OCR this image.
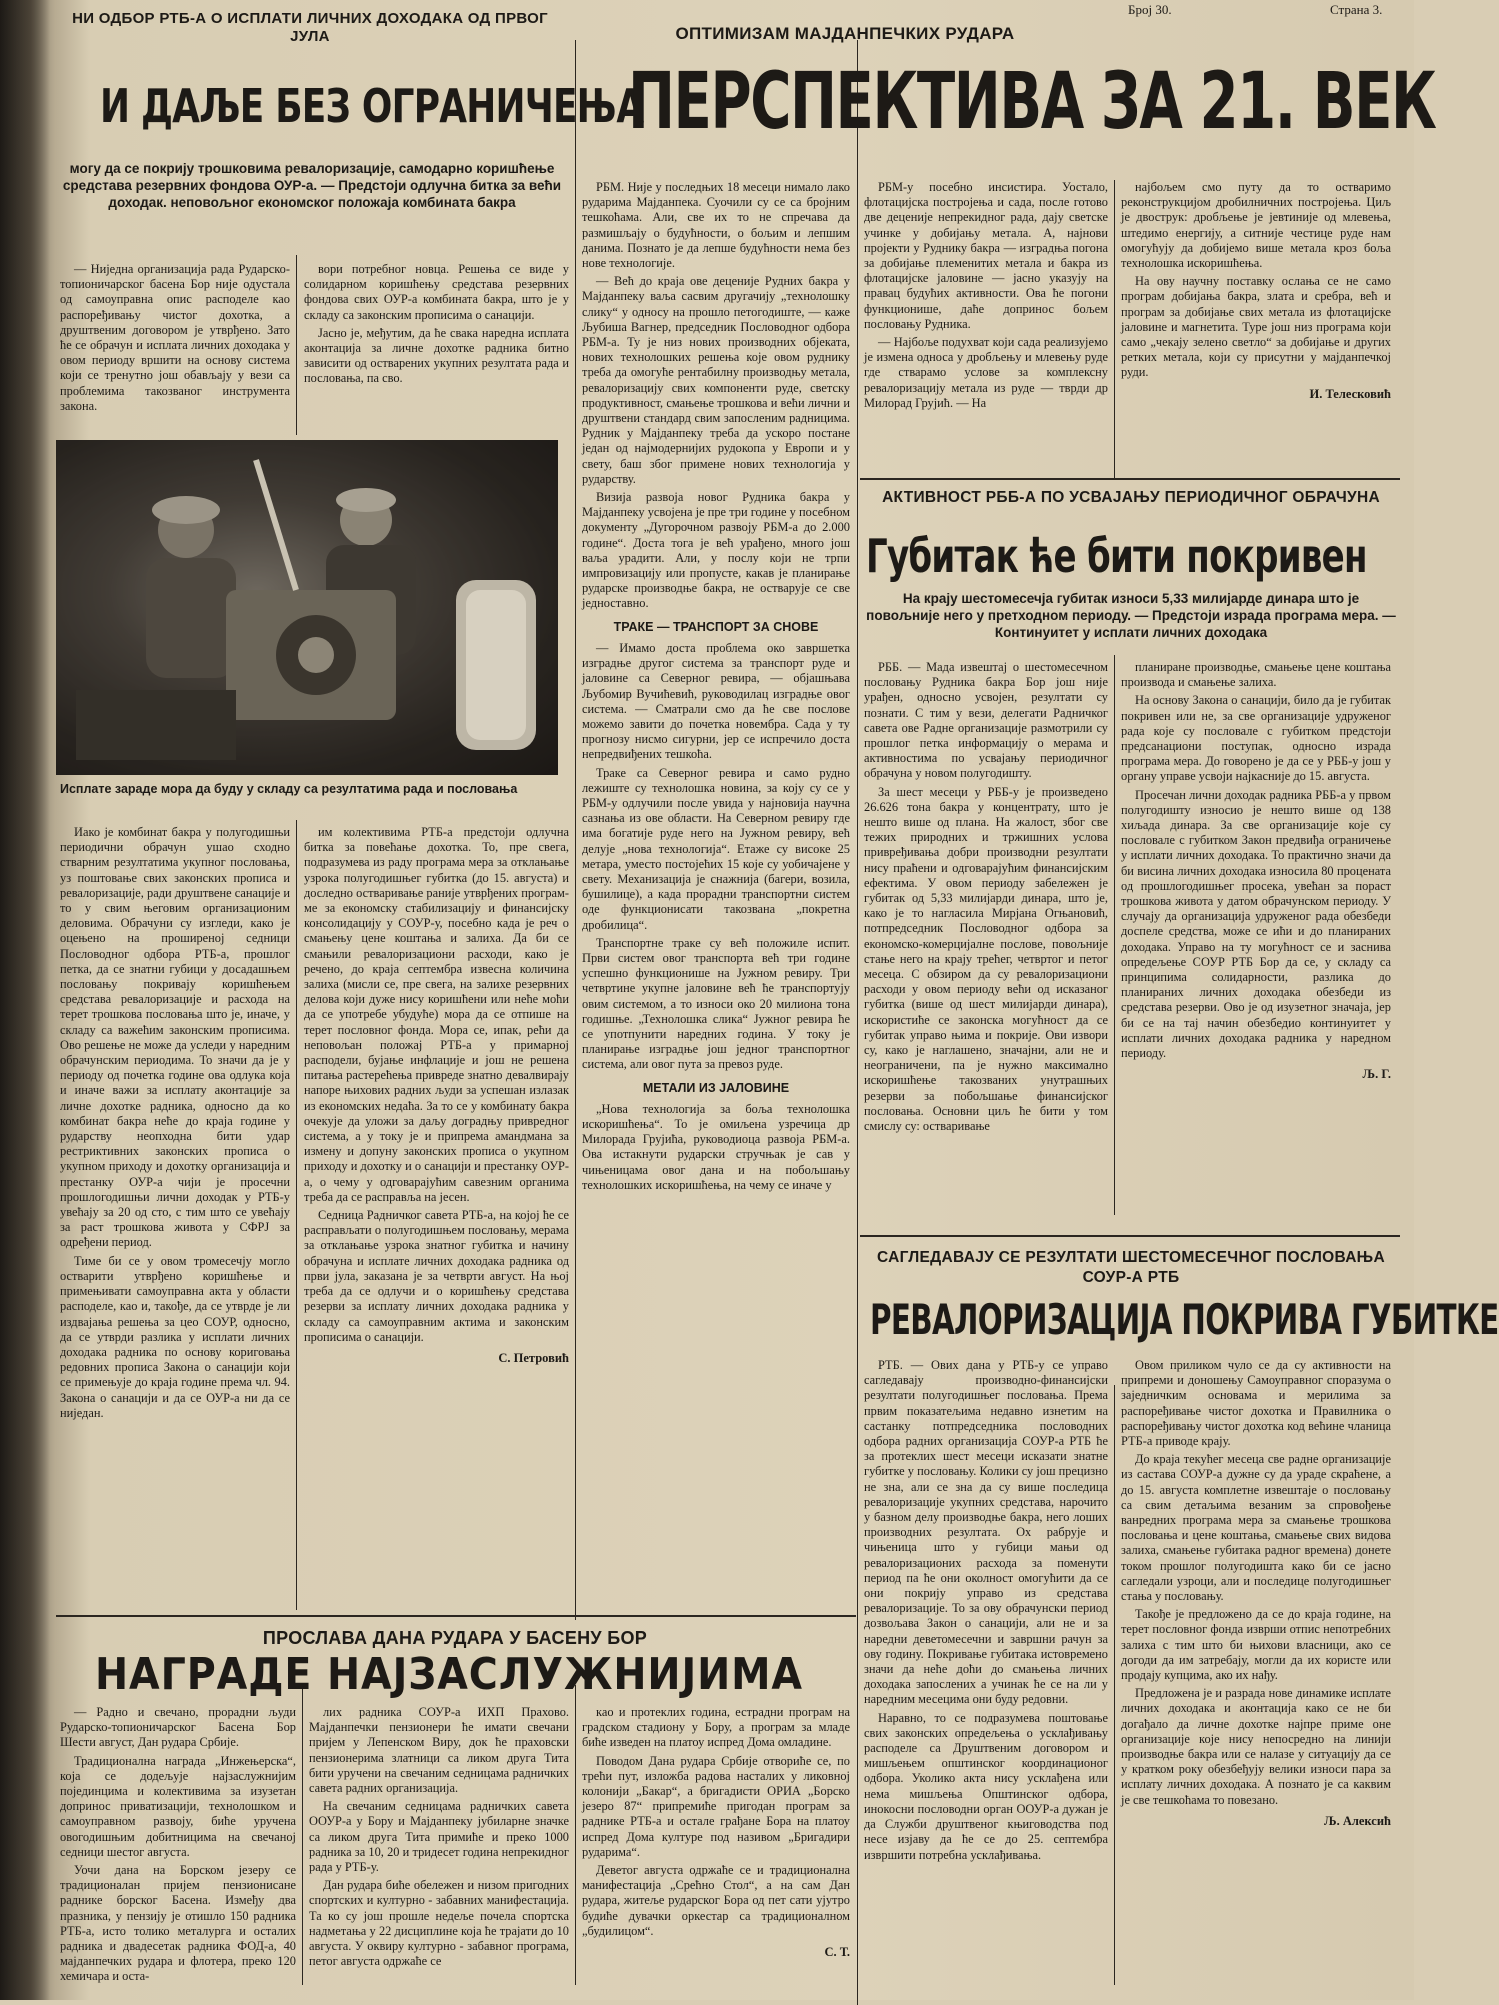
Број 30.	Страна 3.
НИ ОДБОР РТБ-А О ИСПЛАТИ ЛИЧНИХ ДОХОДАКА ОД ПРВОГ ЈУЛА
И ДАЉЕ БЕЗ ОГРАНИЧЕЊА
могу да се покрију трошковима ревалоризације, самодарно коришћење средстава резервних фондова ОУР-а. — Предстоји одлучна битка за већи доходак. неповољног економског положаја комбината бакра

— Ниједна организација рада Рударско-топионичарског басена Бор није одустала од самоуправна опис расподеле као распоређивању чистог дохотка, а друштвеним договором је утврђено. Зато ће се обрачун и исплата личних доходака у овом периоду вршити на основу система који се тренутно још обављају у вези са проблемима такозваног инструмента закона.

вори потребног новца. Решења се виде у солидарном коришћењу средстава резервних фондова свих ОУР-а комбината бакра, што је у складу са законским прописима о санацији.

Јасно је, међутим, да ће свака наредна исплата аконтација за личне дохотке радника битно зависити од остварених укупних резултата рада и пословања, па сво.

Исплате зараде мора да буду у складу са резултатима рада и пословања

Иако је комбинат бакра у полугодишњи периодични обрачун ушао сходно стварним резултатима укупног пословања, уз поштовање свих законских прописа и ревалоризације, ради друштвене санације и то у свим његовим организационим деловима. Обрачуни су изгледи, како је оцењено на проширеној седници Пословодног одбора РТБ-а, прошлог петка, да се знатни губици у досадашњем пословању покривају коришћењем средстава ревалоризације и расхода на терет трошкова пословања што је, иначе, у складу са важећим законским прописима. Ово решење не може да уследи у наредним обрачунским периодима. То значи да је у периоду од почетка године ова одлука која и иначе важи за исплату аконтације за личне дохотке радника, односно да ко комбинат бакра неће до краја године у рударству неопходна бити удар рестриктивних законских прописа о укупном приходу и дохотку организација и престанку ОУР-а чији је просечни прошлогодишњи лични доходак у РТБ-у увећају за 20 од сто, с тим што се увећају за раст трошкова живота у СФРЈ за одређени период.

Тиме би се у овом тромесечју могло остварити утврђено коришћење и примењивати самоуправна акта у области расподеле, као и, такође, да се утврде је ли издвајања решења за цео СОУР, односно, да се утврди разлика у исплати личних доходака радника по основу кориговања редовних прописа Закона о санацији који се примењује до краја године према чл. 94. Закона о санацији и да се ОУР-а ни да се ниједан.

им колективима РТБ-а предстоји одлучна битка за повећање дохотка. То, пре свега, подразумева из раду програма мера за отклањање узрока полугодишњег губитка (до 15. августа) и доследно остваривање раније утврђених програм- ме за економску стабилизацију и финансијску консолидацију у СОУР-у, посебно када је реч о смањењу цене коштања и залиха. Да би се смањили ревалоризациони расходи, како је речено, до краја септембра извесна количина залиха (мисли се, пре свега, на залихе резервних делова који дуже нису коришћени или неће моћи да се употребе убудуће) мора да се отпише на терет пословног фонда. Мора се, ипак, рећи да неповољан положај РТБ-а у примарној расподели, бујање инфлације и још не решена питања растерећења привреде знатно девалвирају напоре њихових радних људи за успешан излазак из економских недаћа. За то се у комбинату бакра очекује да уложи за даљу доградњу привредног система, а у току је и припрема амандмана за измену и допуну законских прописа о укупном приходу и дохотку и о санацији и престанку ОУР-а, о чему у одговарајућим савезним органима треба да се расправља на јесен.

Седница Радничког савета РТБ-а, на којој ће се расправљати о полугодишњем пословању, мерама за отклањање узрока знатног губитка и начину обрачуна и исплате личних доходака радника од први јула, заказана је за четврти август. На њој треба да се одлучи и о коришћењу средстава резерви за исплату личних доходака радника у складу са самоуправним актима и законским прописима о санацији.

С. Петровић
ОПТИМИЗАМ МАЈДАНПЕЧКИХ РУДАРА
ПЕРСПЕКТИВА ЗА 21. ВЕК

РБМ. Није у последњих 18 месеци нимало лако рударима Мајданпека. Суочили су се са бројним тешкоћама. Али, све их то не спречава да размишљају о будућности, о бољим и лепшим данима. Познато је да лепше будућности нема без нове технологије.

— Већ до краја ове деценије Рудних бакра у Мајданпеку ваља сасвим другачију „технолошку слику“ у односу на прошло петогодиште, — каже Љубиша Вагнер, председник Пословодног одбора РБМ-а. Ту је низ нових производних објеката, нових технолошких решења које овом руднику треба да омогуће рентабилну производњу метала, ревалоризацију свих компоненти руде, светску продуктивност, смањење трошкова и већи лични и друштвени стандард свим запосленим радницима. Рудник у Мајданпеку треба да ускоро постане један од најмодернијих рудокопа у Европи и у свету, баш због примене нових технологија у рударству.

Визија развоја новог Рудника бакра у Мајданпеку усвојена је пре три године у посебном документу „Дугорочном развоју РБМ-а до 2.000 године“. Доста тога је већ урађено, много још ваља урадити. Али, у послу који не трпи импровизацију или пропусте, какав је планирање рударске производње бакра, не остварује се све једноставно.

ТРАКЕ — ТРАНСПОРТ ЗА СНОВЕ

— Имамо доста проблема око завршетка изградње другог система за транспорт руде и јаловине са Северног ревира, — објашњава Љубомир Вучићевић, руководилац изградње овог система. — Сматрали смо да ће све послове можемо завити до почетка новембра. Сада у ту прогнозу нисмо сигурни, јер се испречило доста непредвиђених тешкоћа.

Траке са Северног ревира и само рудно лежиште су технолошка новина, за коју су се у РБМ-у одлучили после увида у најновија научна сазнања из ове области. На Северном ревиру где има богатије руде него на Јужном ревиру, већ делује „нова технологија“. Етаже су високе 25 метара, уместо постојећих 15 које су уобичајене у свету. Механизација је снажнија (багери, возила, бушилице), а када прорадни транспортни систем оде функционисати такозвана „покретна дробилица“.

Транспортне траке су већ положиле испит. Први систем овог транспорта већ три године успешно функционише на Јужном ревиру. Три четвртине укупне јаловине већ ће транспортују овим системом, а то износи око 20 милиона тона годишње. „Технолошка слика“ Јужног ревира ће се употпунити наредних година. У току је планирање изградње још једног транспортног система, али овог пута за превоз руде.

МЕТАЛИ ИЗ ЈАЛОВИНЕ

„Нова технологија за боља технолошка искоришћења“. То је омиљена узречица др Милорада Грујића, руководиоца развоја РБМ-а. Ова истакнути рударски стручњак је сав у чињеницама овог дана и на побољшању технолошких искоришћења, на чему се иначе у

РБМ-у посебно инсистира. Уостало, флотацијска постројења и сада, после готово две деценије непрекидног рада, дају светске учинке у добијању метала. А, најнови пројекти у Руднику бакра — изградња погона за добијање племенитих метала и бакра из флотацијске јаловине — јасно указују на правац будућих активности. Ова ће погони функционише, даће допринос бољем пословању Рудника.

— Најбоље подухват који сада реализујемо је измена односа у дробљењу и млевењу руде где стварамо услове за комплексну ревалоризацију метала из руде — тврди др Милорад Грујић. — На

најбољем смо путу да то остваримо реконструкцијом дробилничних постројења. Циљ је двострук: дробљење је јевтиније од млевења, штедимо енергију, а ситније честице руде нам омогућују да добијемо више метала кроз боља технолошка искоришћења.

На ову научну поставку ослања се не само програм добијања бакра, злата и сребра, већ и програм за добијање свих метала из флотацијске јаловине и магнетита. Туре још низ програма који само „чекају зелено светло“ за добијање и других ретких метала, који су присутни у мајданпечкој руди.

И. Телесковић
АКТИВНОСТ РББ-А ПО УСВАЈАЊУ ПЕРИОДИЧНОГ ОБРАЧУНА
Губитак ће бити покривен
На крају шестомесечја губитак износи 5,33 милијарде динара што је повољније него у претходном периоду. — Предстоји израда програма мера. — Континуитет у исплати личних доходака

РББ. — Мада извештај о шестомесечном пословању Рудника бакра Бор још није урађен, односно усвојен, резултати су познати. С тим у вези, делегати Радничког савета ове Радне организације размотрили су прошлог петка информацију о мерама и активностима по усвајању периодичног обрачуна у новом полугодишту.

За шест месеци у РББ-у је произведено 26.626 тона бакра у концентрату, што је нешто више од плана. На жалост, због све тежих природних и тржишних услова привређивања добри производни резултати нису праћени и одговарајућим финансијским ефектима. У овом периоду забележен је губитак од 5,33 милијарди динара, што је, како је то нагласила Мирјана Огњановић, потпредседник Пословодног одбора за економско-комерцијалне послове, повољније стање него на крају трећег, четвртог и петог месеца. С обзиром да су ревалоризациони расходи у овом периоду већи од исказаног губитка (више од шест милијарди динара), искористиће се законска могућност да се губитак управо њима и покрије. Ови извори су, како је наглашено, значајни, али не и неограничени, па је нужно максимално искоришћење такозваних унутрашњих резерви за побољшање финансијског пословања. Основни циљ ће бити у том смислу су: остваривање

планиране производње, смањење цене коштања производа и смањење залиха.

На основу Закона о санацији, било да је губитак покривен или не, за све организације удруженог рада које су пословале с губитком предстоји предсанациони поступак, односно израда програма мера. До говорено је да се у РББ-у још у органу управе усвоји најкасније до 15. августа.

Просечан лични доходак радника РББ-а у првом полугодишту износио је нешто више од 138 хиљада динара. За све организације које су пословале с губитком Закон предвиђа ограничење у исплати личних доходака. То практично значи да би висина личних доходака износила 80 процената од прошлогодишњег просека, увећан за пораст трошкова живота у датом обрачунском периоду. У случају да организација удруженог рада обезбеди доспеле средства, може се ићи и до планираних доходака. Управо на ту могућност се и заснива опредељење СОУР РТБ Бор да се, у складу са принципима солидарности, разлика до планираних личних доходака обезбеди из средстава резерви. Ово је од изузетног значаја, јер би се на тај начин обезбедио континуитет у исплати личних доходака радника у наредном периоду.

Љ. Г.
САГЛЕДАВАЈУ СЕ РЕЗУЛТАТИ ШЕСТОМЕСЕЧНОГ ПОСЛОВАЊА СОУР-А РТБ
РЕВАЛОРИЗАЦИЈА ПОКРИВА ГУБИТКЕ

РТБ. — Ових дана у РТБ-у се управо сагледавају производно-финансијски резултати полугодишњег пословања. Према првим показатељима недавно изнетим на састанку потпредседника пословодних одбора радних организација СОУР-а РТБ ће за протеклих шест месеци исказати знатне губитке у пословању. Колики су још прецизно не зна, али се зна да су више последица ревалоризације укупних средстава, нарочито у базном делу производње бакра, него лоших производних резултата. Ох рабрује и чињеница што у губици мањи од ревалоризационих расхода за поменути период па ће они околност омогућити да се они покрију управо из средстава ревалоризације. То за ову обрачунски период дозвољава Закон о санацији, али не и за наредни деветомесечни и завршни рачун за ову годину. Покривање губитака истовремено значи да неће доћи до смањења личних доходака запослених а учинак ће се на ли у наредним месецима они буду редовни.

Наравно, то се подразумева поштовање свих законских опредељења о усклађивању расподеле са Друштвеним договором и мишљењем општинског координационог одбора. Уколико акта нису усклађена или нема мишљења Општинског одбора, инокосни пословодни орган ООУР-а дужан је да Служби друштвеног књиговодства под несе изјаву да ће се до 25. септембра извршити потребна усклађивања.

Овом приликом чуло се да су активности на припреми и доношењу Самоуправног споразума о заједничким основама и мерилима за распоређивање чистог дохотка и Правилника о распоређивању чистог дохотка код већине чланица РТБ-а приводе крају.

До краја текућег месеца све радне организације из састава СОУР-а дужне су да ураде скраћене, а до 15. августа комплетне извештаје о пословању са свим детаљима везаним за спровођење ванредних програма мера за смањење трошкова пословања и цене коштања, смањење свих видова залиха, смањење губитака радног времена) донете током прошлог полугодишта како би се јасно сагледали узроци, али и последице полугодишњег стања у пословању.

Такође је предложено да се до краја године, на терет пословног фонда изврши отпис непотребних залиха с тим што би њихови власници, ако се догоди да им затребају, могли да их користе или продају купцима, ако их нађу.

Предложена је и разрада нове динамике исплате личних доходака и аконтација како се не би догађало да личне дохотке најпре приме оне организације које нису непосредно на линији производње бакра или се налазе у ситуацију да се у кратком року обезбеђују велики износи пара за исплату личних доходака. А познато је са каквим је све тешкоћама то повезано.

Љ. Алексић
ПРОСЛАВА ДАНА РУДАРА У БАСЕНУ БОР
НАГРАДЕ НАЈЗАСЛУЖНИЈИМА

— Радно и свечано, прорадни људи Рударско-топионичарског Басена Бор Шести август, Дан рудара Србије.

Традиционална награда „Инжењерска“, која се додељује најзаслужнијим појединцима и колективима за изузетан допринос приватизацији, технолошком и самоуправном развоју, биће уручена овогодишњим добитницима на свечаној седници шестог августа.

Уочи дана на Борском језеру се традиционалан пријем пензионисане раднике борског Басена. Између два празника, у пензију је отишло 150 радника РТБ-а, исто толико металурга и осталих радника и двадесетак радника ФОД-а, 40 мајданпечких рудара и флотера, преко 120 хемичара и оста-

лих радника СОУР-а ИХП Прахово. Мајданпечки пензионери ће имати свечани пријем у Лепенском Виру, док ће праховски пензионерима златници са ликом друга Тита бити уручени на свечаним седницама радничких савета радних организација.

На свечаним седницама радничких савета ООУР-а у Бору и Мајданпеку јубиларне значке са ликом друга Тита примиће и преко 1000 радника за 10, 20 и тридесет година непрекидног рада у РТБ-у.

Дан рудара биће обележен и низом пригодних спортских и културно - забавних манифестација. Та ко су још прошле недеље почела спортска надметања у 22 дисциплине која ће трајати до 10 августа. У оквиру културно - забавног програма, петог августа одржаће се

као и протеклих година, естрадни програм на градском стадиону у Бору, а програм за младе биће изведен на платоу испред Дома омладине.

Поводом Дана рудара Србије отвориће се, по трећи пут, изложба радова насталих у ликовној колонији „Бакар“, а бригадисти ОРИА „Борско језеро 87“ припремиће пригодан програм за раднике РТБ-а и остале грађане Бора на платоу испред Дома културе под називом „Бригадири рударима“.

Деветог августа одржаће се и традиционална манифестација „Срећно Стол“, а на сам Дан рудара, житеље рударског Бора од пет сати ујутро будиће дувачки оркестар са традиционалном „будилицом“.

С. Т.
